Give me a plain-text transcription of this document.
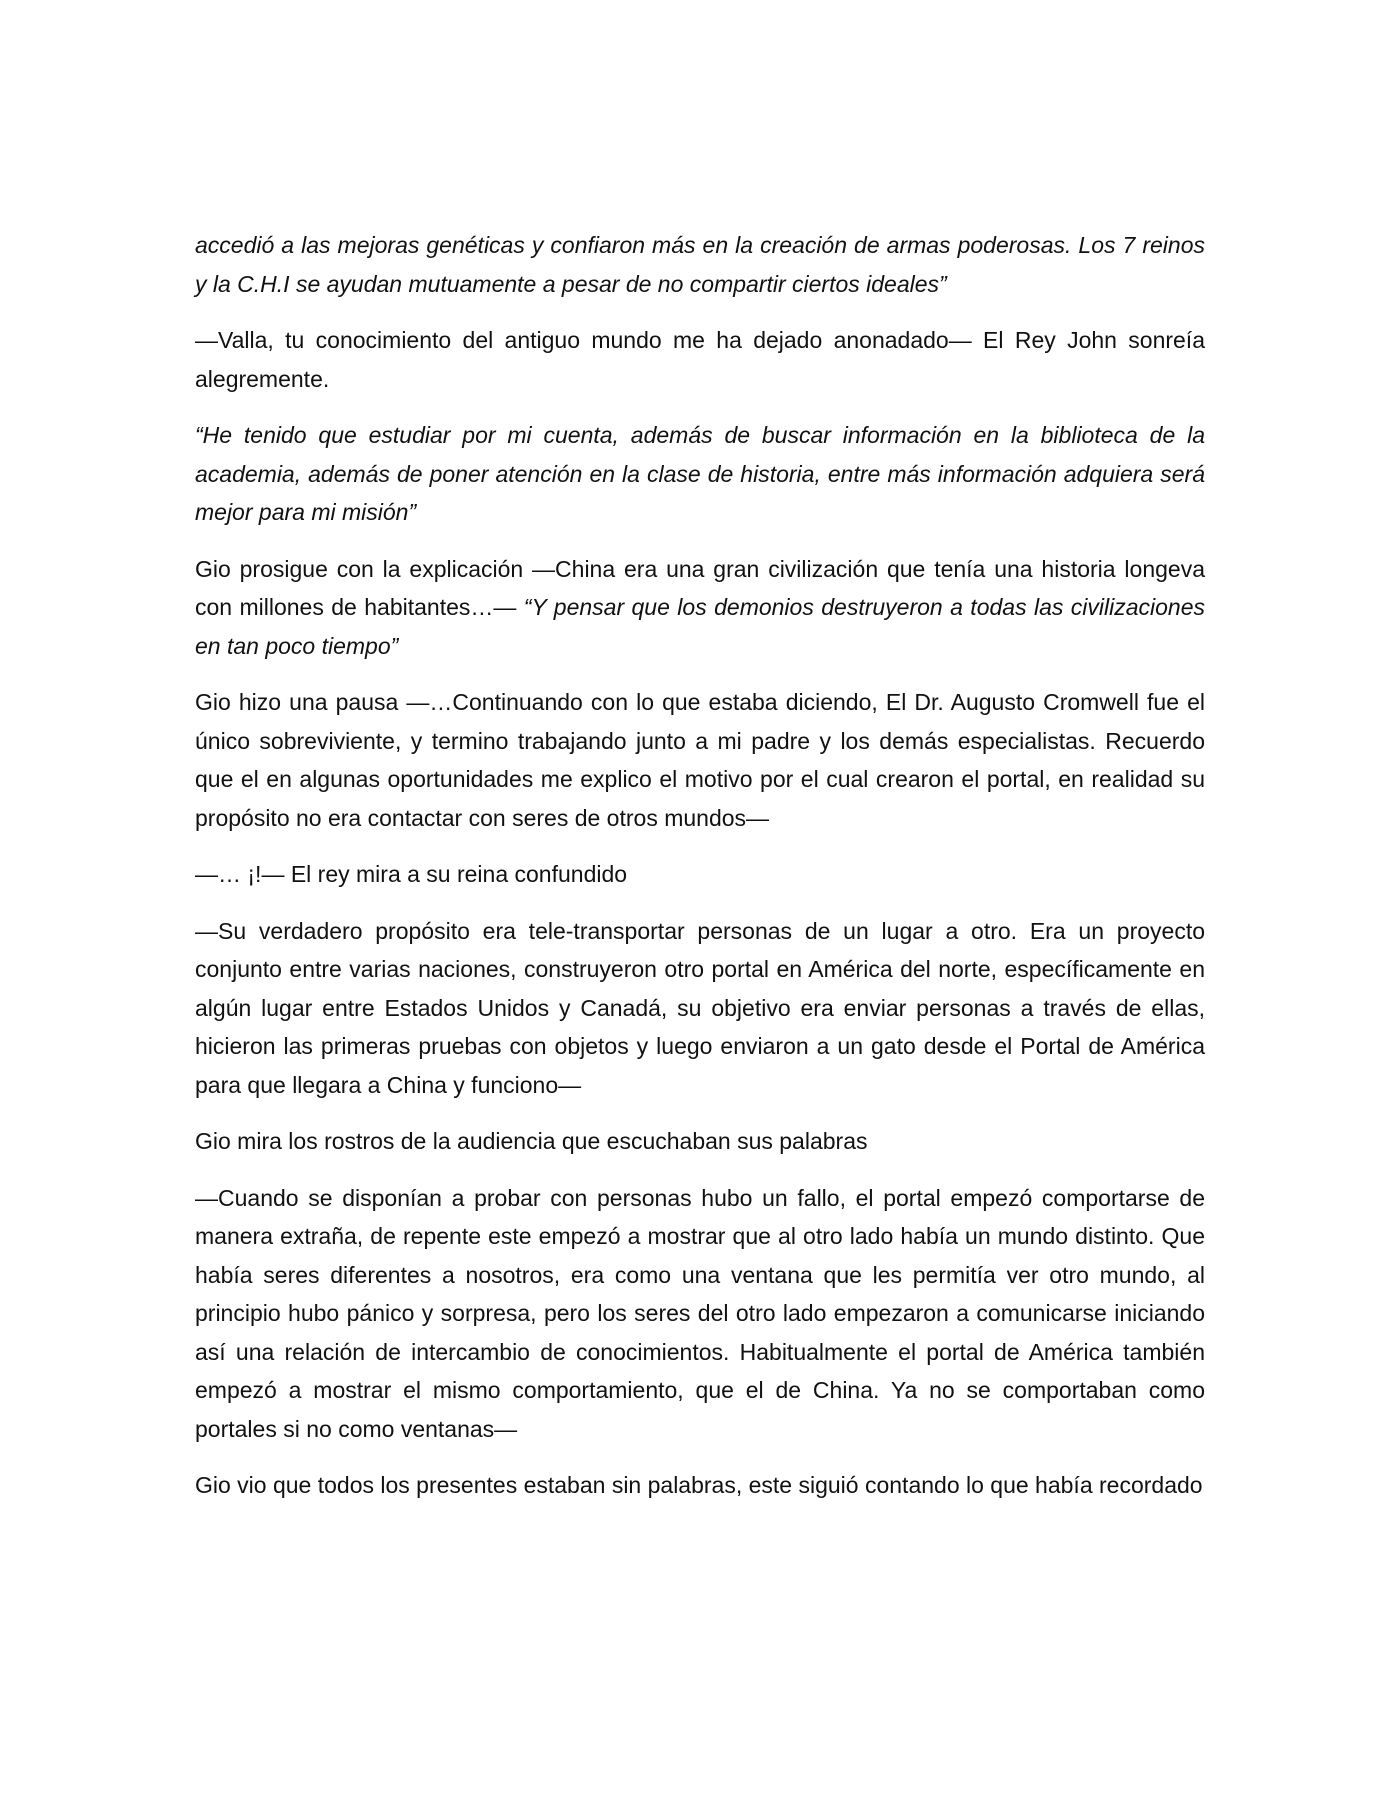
accedió a las mejoras genéticas y confiaron más en la creación de armas poderosas. Los 7 reinos y la C.H.I se ayudan mutuamente a pesar de no compartir ciertos ideales”

—Valla, tu conocimiento del antiguo mundo me ha dejado anonadado— El Rey John sonreía alegremente.

“He tenido que estudiar por mi cuenta, además de buscar información en la biblioteca de la academia, además de poner atención en la clase de historia, entre más información adquiera será mejor para mi misión”

Gio prosigue con la explicación —China era una gran civilización que tenía una historia longeva con millones de habitantes…— “Y pensar que los demonios destruyeron a todas las civilizaciones en tan poco tiempo”

Gio hizo una pausa —…Continuando con lo que estaba diciendo, El Dr. Augusto Cromwell fue el único sobreviviente, y termino trabajando junto a mi padre y los demás especialistas. Recuerdo que el en algunas oportunidades me explico el motivo por el cual crearon el portal, en realidad su propósito no era contactar con seres de otros mundos—

—… ¡!— El rey mira a su reina confundido

—Su verdadero propósito era tele-transportar personas de un lugar a otro. Era un proyecto conjunto entre varias naciones, construyeron otro portal en América del norte, específicamente en algún lugar entre Estados Unidos y Canadá, su objetivo era enviar personas a través de ellas, hicieron las primeras pruebas con objetos y luego enviaron a un gato desde el Portal de América para que llegara a China y funciono—

Gio mira los rostros de la audiencia que escuchaban sus palabras

—Cuando se disponían a probar con personas hubo un fallo, el portal empezó comportarse de manera extraña, de repente este empezó a mostrar que al otro lado había un mundo distinto. Que había seres diferentes a nosotros, era como una ventana que les permitía ver otro mundo, al principio hubo pánico y sorpresa, pero los seres del otro lado empezaron a comunicarse iniciando así una relación de intercambio de conocimientos. Habitualmente el portal de América también empezó a mostrar el mismo comportamiento, que el de China. Ya no se comportaban como portales si no como ventanas—

Gio vio que todos los presentes estaban sin palabras, este siguió contando lo que había recordado
